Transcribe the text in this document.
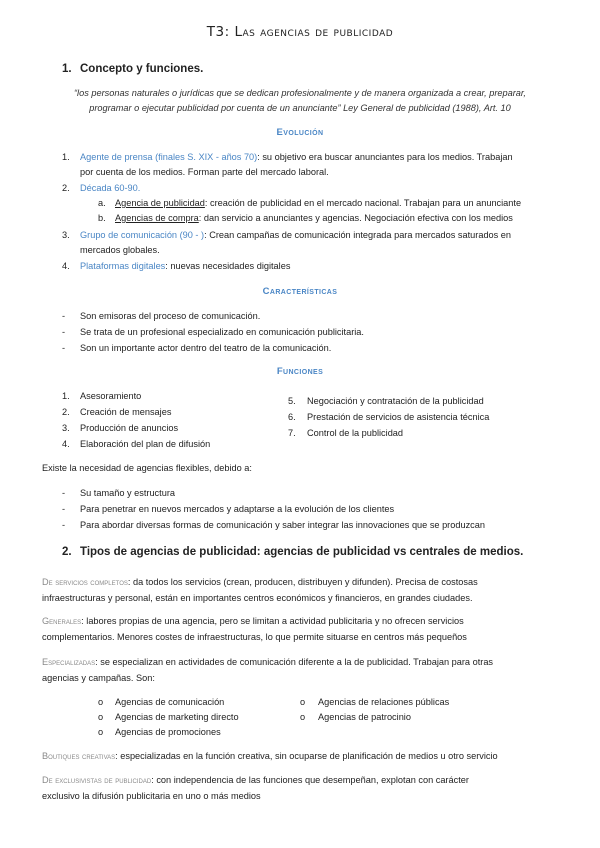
T3: Las agencias de publicidad
1. Concepto y funciones.
“los personas naturales o jurídicas que se dedican profesionalmente y de manera organizada a crear, preparar,
programar o ejecutar publicidad por cuenta de un anunciante” Ley General de publicidad (1988), Art. 10
Evolución
1. Agente de prensa (finales S. XIX - años 70): su objetivo era buscar anunciantes para los medios. Trabajan
por cuenta de los medios. Forman parte del mercado laboral.
2. Década 60-90.
a. Agencia de publicidad: creación de publicidad en el mercado nacional. Trabajan para un anunciante
b. Agencias de compra: dan servicio a anunciantes y agencias. Negociación efectiva con los medios
3. Grupo de comunicación (90 - ): Crean campañas de comunicación integrada para mercados saturados en
mercados globales.
4. Plataformas digitales: nuevas necesidades digitales
Características
- Son emisoras del proceso de comunicación.
- Se trata de un profesional especializado en comunicación publicitaria.
- Son un importante actor dentro del teatro de la comunicación.
Funciones
1. Asesoramiento
2. Creación de mensajes
3. Producción de anuncios
4. Elaboración del plan de difusión
5. Negociación y contratación de la publicidad
6. Prestación de servicios de asistencia técnica
7. Control de la publicidad
Existe la necesidad de agencias flexibles, debido a:
- Su tamaño y estructura
- Para penetrar en nuevos mercados y adaptarse a la evolución de los clientes
- Para abordar diversas formas de comunicación y saber integrar las innovaciones que se produzcan
2. Tipos de agencias de publicidad: agencias de publicidad vs centrales de medios.
De servicios completos: da todos los servicios (crean, producen, distribuyen y difunden). Precisa de costosas
infraestructuras y personal, están en importantes centros económicos y financieros, en grandes ciudades.
Generales: labores propias de una agencia, pero se limitan a actividad publicitaria y no ofrecen servicios
complementarios. Menores costes de infraestructuras, lo que permite situarse en centros más pequeños
Especializadas: se especializan en actividades de comunicación diferente a la de publicidad. Trabajan para otras
agencias y campañas. Son:
o Agencias de comunicación
o Agencias de marketing directo
o Agencias de promociones
o Agencias de relaciones públicas
o Agencias de patrocinio
Boutiques creativas: especializadas en la función creativa, sin ocuparse de planificación de medios u otro servicio
De exclusivistas de publicidad: con independencia de las funciones que desempeñan, explotan con carácter
exclusivo la difusión publicitaria en uno o más medios
